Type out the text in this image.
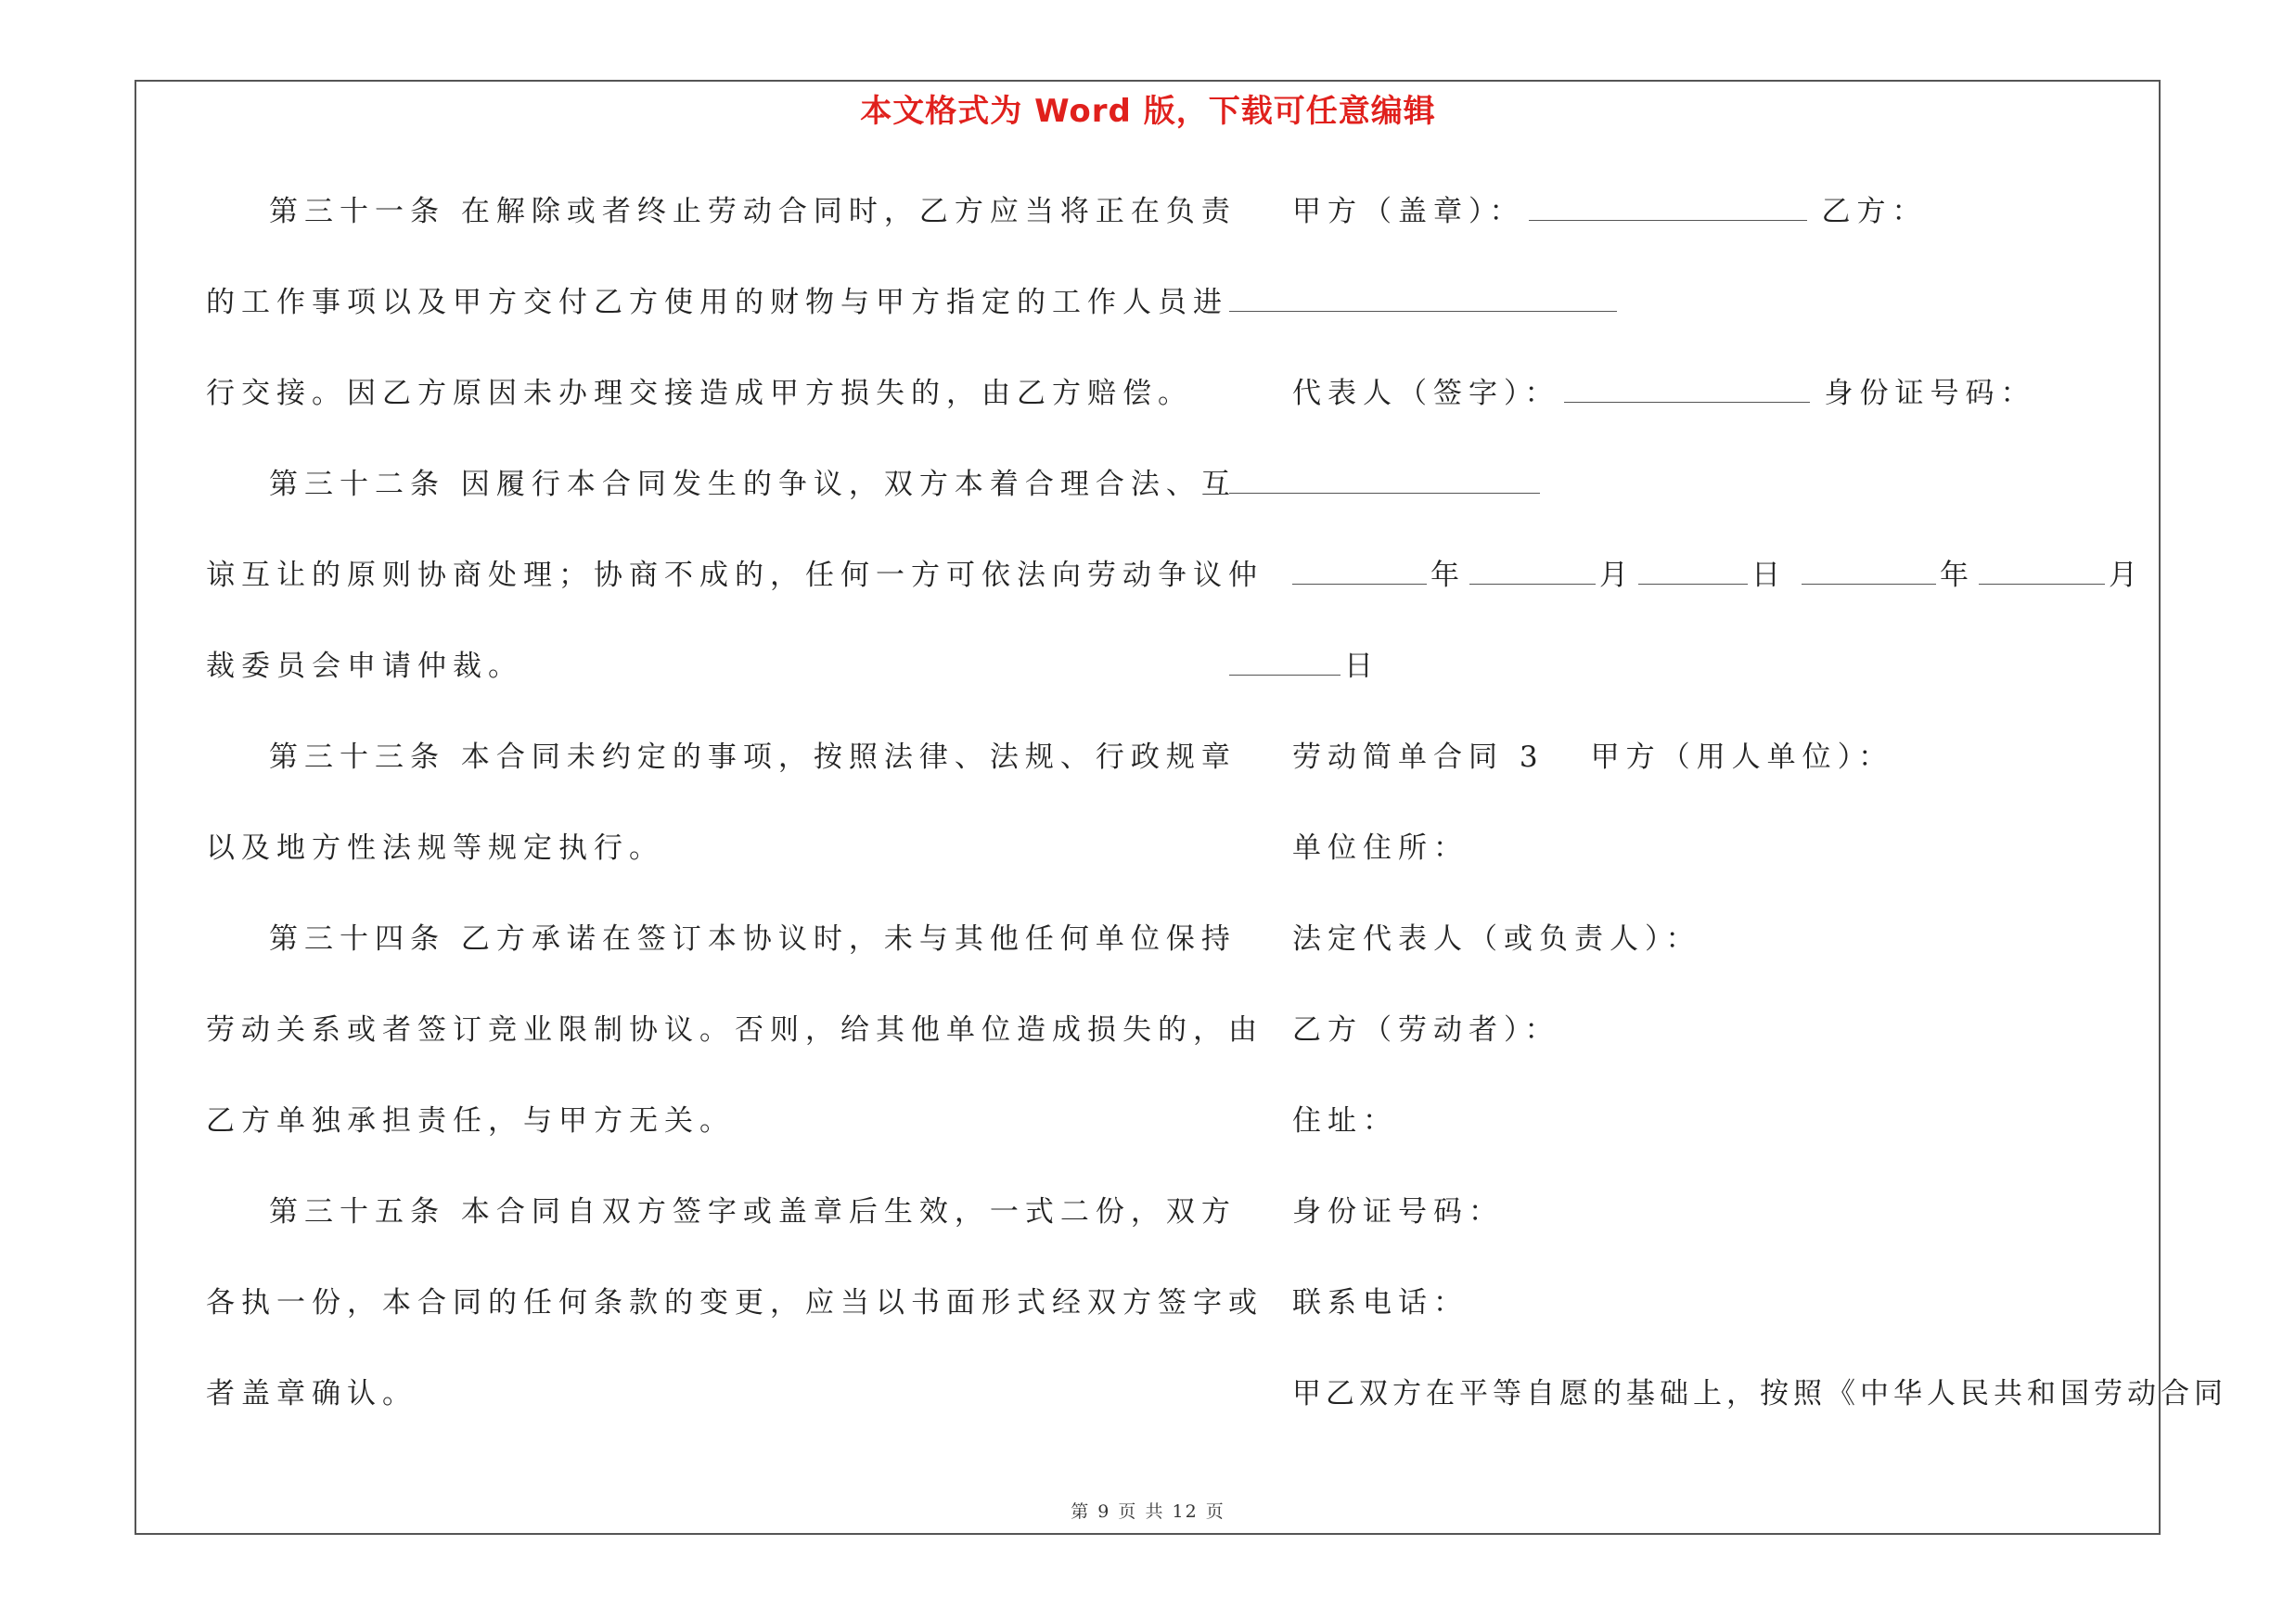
本文格式为 Word 版，下载可任意编辑
第三十一条 在解除或者终止劳动合同时，乙方应当将正在负责
的工作事项以及甲方交付乙方使用的财物与甲方指定的工作人员进
行交接。因乙方原因未办理交接造成甲方损失的，由乙方赔偿。
第三十二条 因履行本合同发生的争议，双方本着合理合法、互
谅互让的原则协商处理；协商不成的，任何一方可依法向劳动争议仲
裁委员会申请仲裁。
第三十三条 本合同未约定的事项，按照法律、法规、行政规章
以及地方性法规等规定执行。
第三十四条 乙方承诺在签订本协议时，未与其他任何单位保持
劳动关系或者签订竞业限制协议。否则，给其他单位造成损失的，由
乙方单独承担责任，与甲方无关。
第三十五条 本合同自双方签字或盖章后生效，一式二份，双方
各执一份，本合同的任何条款的变更，应当以书面形式经双方签字或
者盖章确认。
甲方（盖章）：	乙方：
代表人（签字）：	身份证号码：
年	月	日	年	月
日
劳动简单合同 3 甲方（用人单位）：
单位住所：
法定代表人（或负责人）：
乙方（劳动者）：
住址：
身份证号码：
联系电话：
甲乙双方在平等自愿的基础上，按照《中华人民共和国劳动合同
第 9 页 共 12 页
